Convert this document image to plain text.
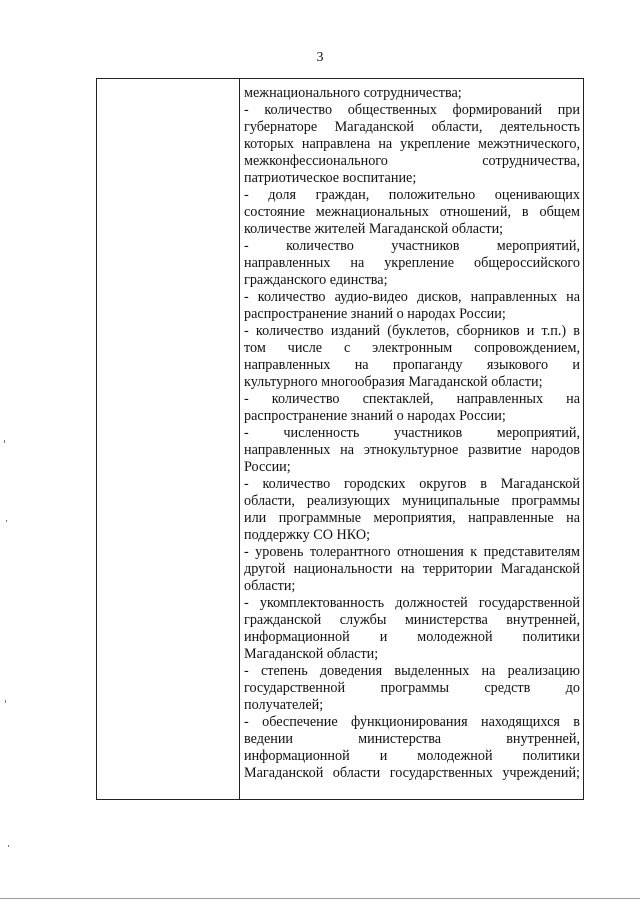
3
межнационального сотрудничества;
- количество общественных формирований при
губернаторе Магаданской области, деятельность
которых направлена на укрепление межэтнического,
межконфессионального сотрудничества,
патриотическое воспитание;
- доля граждан, положительно оценивающих
состояние межнациональных отношений, в общем
количестве жителей Магаданской области;
- количество участников мероприятий,
направленных на укрепление общероссийского
гражданского единства;
- количество аудио-видео дисков, направленных на
распространение знаний о народах России;
- количество изданий (буклетов, сборников и т.п.) в
том числе с электронным сопровождением,
направленных на пропаганду языкового и
культурного многообразия Магаданской области;
- количество спектаклей, направленных на
распространение знаний о народах России;
- численность участников мероприятий,
направленных на этнокультурное развитие народов
России;
- количество городских округов в Магаданской
области, реализующих муниципальные программы
или программные мероприятия, направленные на
поддержку СО НКО;
- уровень толерантного отношения к представителям
другой национальности на территории Магаданской
области;
- укомплектованность должностей государственной
гражданской службы министерства внутренней,
информационной и молодежной политики
Магаданской области;
- степень доведения выделенных на реализацию
государственной программы средств до
получателей;
- обеспечение функционирования находящихся в
ведении министерства внутренней,
информационной и молодежной политики
Магаданской области государственных учреждений;
